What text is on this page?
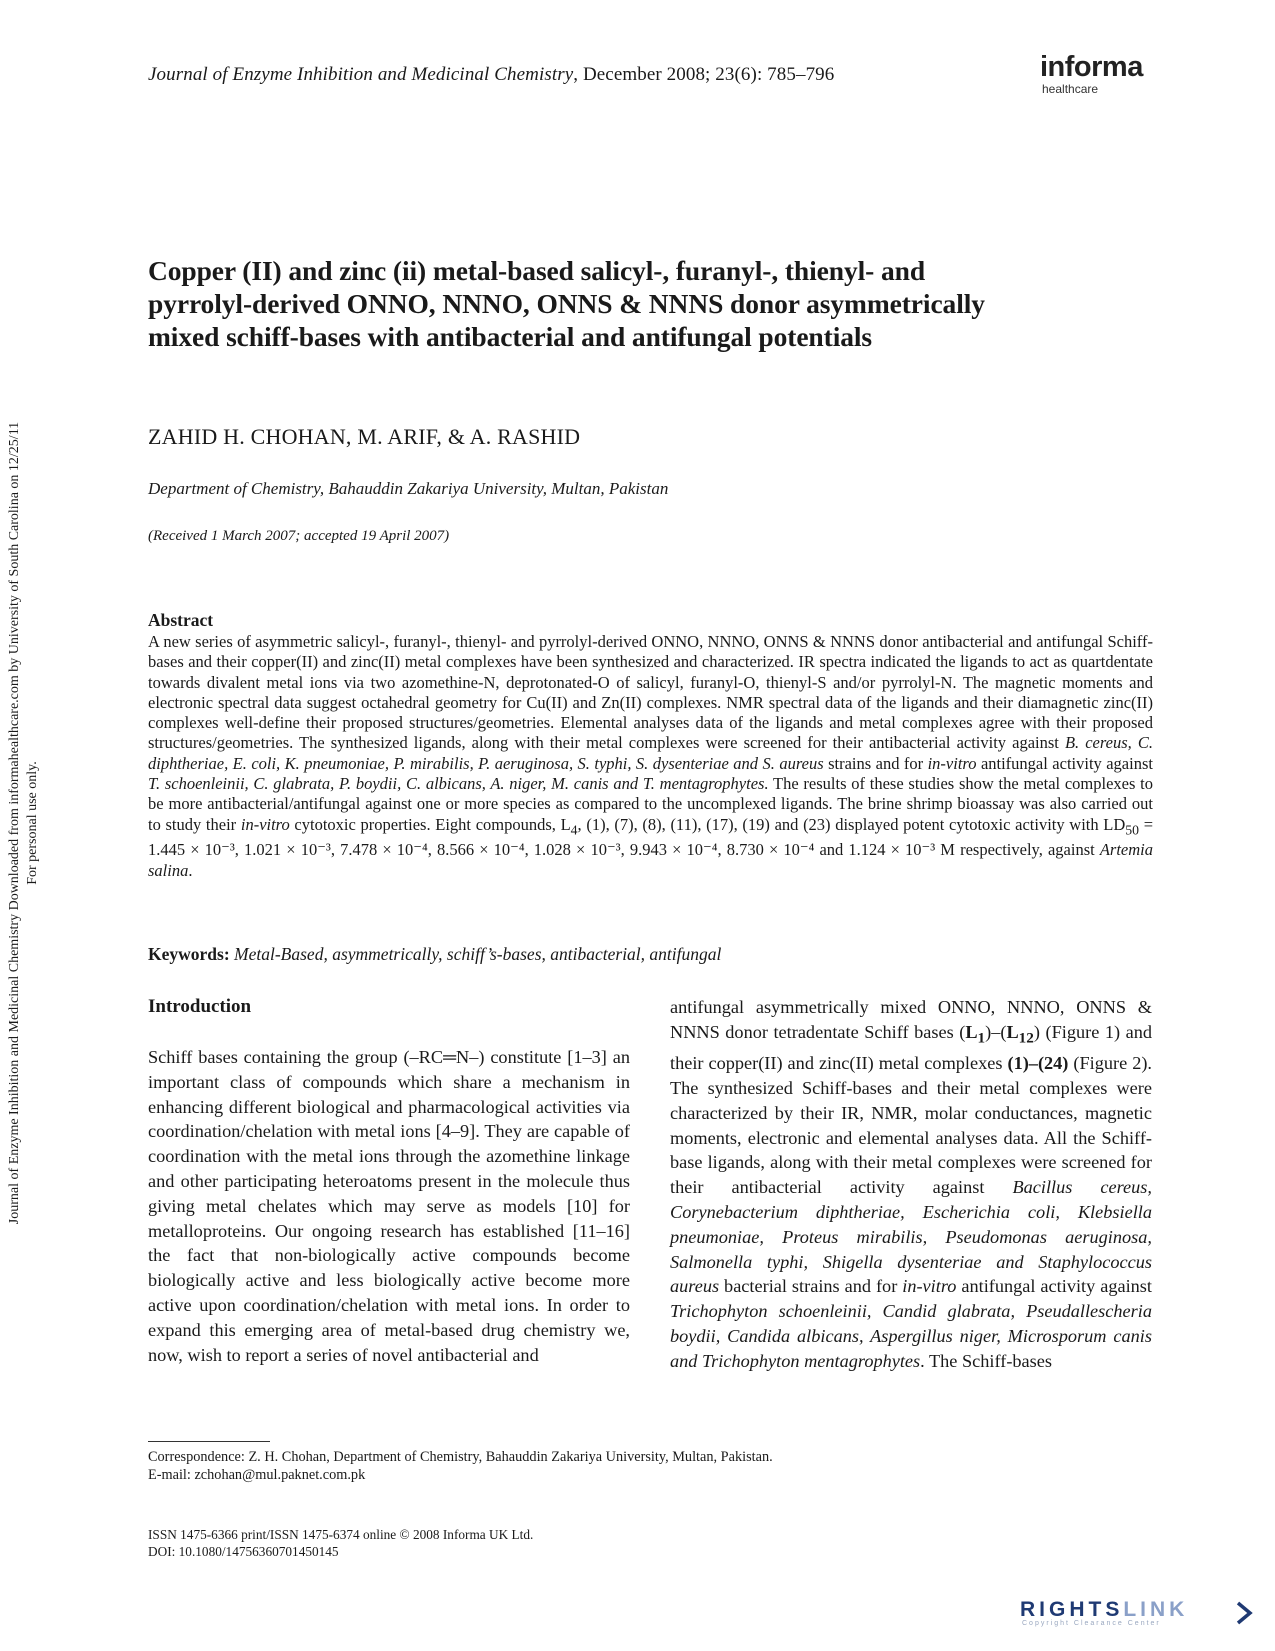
Journal of Enzyme Inhibition and Medicinal Chemistry, December 2008; 23(6): 785–796	informa
healthcare
Journal of Enzyme Inhibition and Medicinal Chemistry Downloaded from informahealthcare.com by University of South Carolina on 12/25/11 For personal use only.
Copper (II) and zinc (ii) metal-based salicyl-, furanyl-, thienyl- and
pyrrolyl-derived ONNO, NNNO, ONNS & NNNS donor asymmetrically
mixed schiff-bases with antibacterial and antifungal potentials
ZAHID H. CHOHAN, M. ARIF, & A. RASHID
Department of Chemistry, Bahauddin Zakariya University, Multan, Pakistan
(Received 1 March 2007; accepted 19 April 2007)
Abstract
A new series of asymmetric salicyl-, furanyl-, thienyl- and pyrrolyl-derived ONNO, NNNO, ONNS & NNNS donor antibacterial and antifungal Schiff-bases and their copper(II) and zinc(II) metal complexes have been synthesized and characterized. IR spectra indicated the ligands to act as quartdentate towards divalent metal ions via two azomethine-N, deprotonated-O of salicyl, furanyl-O, thienyl-S and/or pyrrolyl-N. The magnetic moments and electronic spectral data suggest octahedral geometry for Cu(II) and Zn(II) complexes. NMR spectral data of the ligands and their diamagnetic zinc(II) complexes well-define their proposed structures/geometries. Elemental analyses data of the ligands and metal complexes agree with their proposed structures/geometries. The synthesized ligands, along with their metal complexes were screened for their antibacterial activity against B. cereus, C. diphtheriae, E. coli, K. pneumoniae, P. mirabilis, P. aeruginosa, S. typhi, S. dysenteriae and S. aureus strains and for in-vitro antifungal activity against T. schoenleinii, C. glabrata, P. boydii, C. albicans, A. niger, M. canis and T. mentagrophytes. The results of these studies show the metal complexes to be more antibacterial/antifungal against one or more species as compared to the uncomplexed ligands. The brine shrimp bioassay was also carried out to study their in-vitro cytotoxic properties. Eight compounds, $L_4$, (1), (7), (8), (11), (17), (19) and (23) displayed potent cytotoxic activity with $LD_{50} = 1.445 \times 10^{-3}$, 1.021 × 10⁻³, 7.478 × 10⁻⁴, 8.566 × 10⁻⁴, 1.028 × 10⁻³, 9.943 × 10⁻⁴, 8.730 × 10⁻⁴ and 1.124 × 10⁻³ M respectively, against Artemia salina.
Keywords: Metal-Based, asymmetrically, schiff’s-bases, antibacterial, antifungal
Introduction
Schiff bases containing the group (–RC═N–) constitute [1–3] an important class of compounds which share a mechanism in enhancing different biological and pharmacological activities via coordination/chelation with metal ions [4–9]. They are capable of coordination with the metal ions through the azomethine linkage and other participating heteroatoms present in the molecule thus giving metal chelates which may serve as models [10] for metalloproteins. Our ongoing research has established [11–16] the fact that non-biologically active compounds become biologically active and less biologically active become more active upon coordination/chelation with metal ions. In order to expand this emerging area of metal-based drug chemistry we, now, wish to report a series of novel antibacterial and
antifungal asymmetrically mixed ONNO, NNNO, ONNS & NNNS donor tetradentate Schiff bases $(L_1)-(L_{12})$ (Figure 1) and their copper(II) and zinc(II) metal complexes (1)–(24) (Figure 2). The synthesized Schiff-bases and their metal complexes were characterized by their IR, NMR, molar conductances, magnetic moments, electronic and elemental analyses data. All the Schiff-base ligands, along with their metal complexes were screened for their antibacterial activity against Bacillus cereus, Corynebacterium diphtheriae, Escherichia coli, Klebsiella pneumoniae, Proteus mirabilis, Pseudomonas aeruginosa, Salmonella typhi, Shigella dysenteriae and Staphylococcus aureus bacterial strains and for in-vitro antifungal activity against Trichophyton schoenleinii, Candid glabrata, Pseudallescheria boydii, Candida albicans, Aspergillus niger, Microsporum canis and Trichophyton mentagrophytes. The Schiff-bases
Correspondence: Z. H. Chohan, Department of Chemistry, Bahauddin Zakariya University, Multan, Pakistan.
E-mail: zchohan@mul.paknet.com.pk
ISSN 1475-6366 print/ISSN 1475-6374 online © 2008 Informa UK Ltd.
DOI: 10.1080/14756360701450145
RIGHTSLINK
Copyright Clearance Center
